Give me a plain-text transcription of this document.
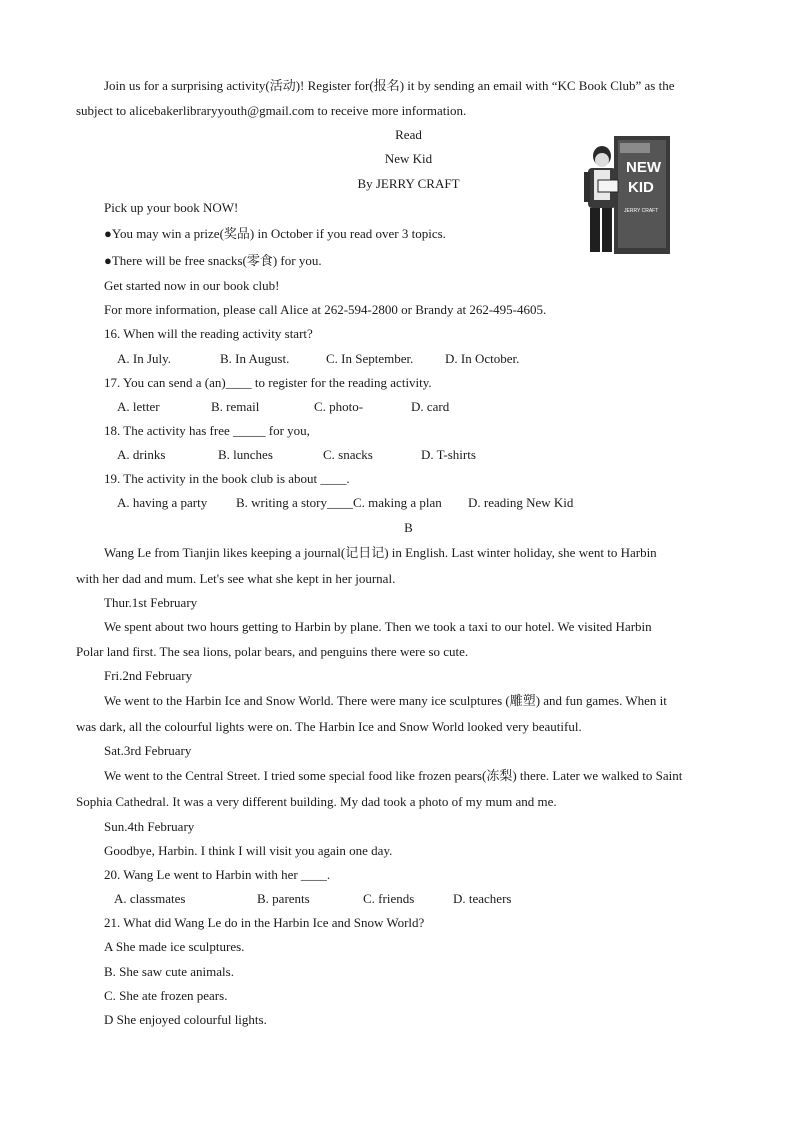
Join us for a surprising activity(活动)! Register for(报名) it by sending an email with “KC Book Club” as the
subject to alicebakerlibraryyouth@gmail.com to receive more information.
Read
New Kid
By JERRY CRAFT
NEW
KID
JERRY CRAFT
Pick up your book NOW!
●You may win a prize(奖品) in October if you read over 3 topics.
●There will be free snacks(零食) for you.
Get started now in our book club!
For more information, please call Alice at 262-594-2800 or Brandy at 262-495-4605.
16. When will the reading activity start?
A. In July.	B. In August.	C. In September. D. In October.
17. You can send a (an)____ to register for the reading activity.
A. letter	B. remail	C. photo-	D. card
18. The activity has free _____ for you,
A. drinks	B. lunches	C. snacks	D. T-shirts
19. The activity in the book club is about ____.
A. having a party B. writing a story____C. making a plan D. reading New Kid
B
Wang Le from Tianjin likes keeping a journal(记日记) in English. Last winter holiday, she went to Harbin
with her dad and mum. Let's see what she kept in her journal.
Thur.1st February
We spent about two hours getting to Harbin by plane. Then we took a taxi to our hotel. We visited Harbin
Polar land first. The sea lions, polar bears, and penguins there were so cute.
Fri.2nd February
We went to the Harbin Ice and Snow World. There were many ice sculptures (雕塑) and fun games. When it
was dark, all the colourful lights were on. The Harbin Ice and Snow World looked very beautiful.
Sat.3rd February
We went to the Central Street. I tried some special food like frozen pears(冻梨) there. Later we walked to Saint
Sophia Cathedral. It was a very different building. My dad took a photo of my mum and me.
Sun.4th February
Goodbye, Harbin. I think I will visit you again one day.
20. Wang Le went to Harbin with her ____.
A. classmates	B. parents	C. friends	D. teachers
21. What did Wang Le do in the Harbin Ice and Snow World?
A She made ice sculptures.
B. She saw cute animals.
C. She ate frozen pears.
D She enjoyed colourful lights.
